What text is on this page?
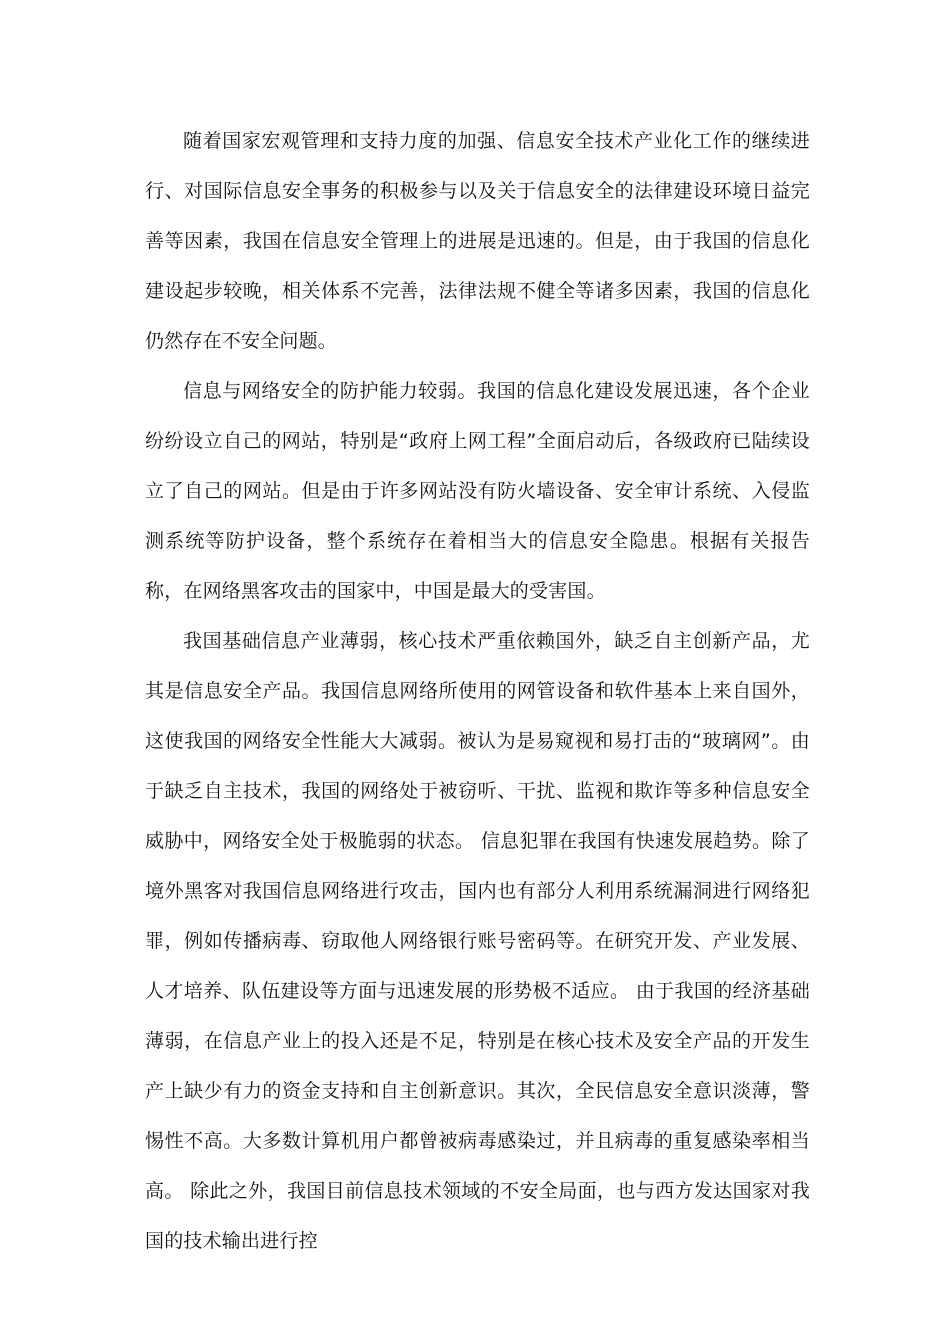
随着国家宏观管理和支持力度的加强、信息安全技术产业化工作的继续进行、对国际信息安全事务的积极参与以及关于信息安全的法律建设环境日益完善等因素，我国在信息安全管理上的进展是迅速的。但是，由于我国的信息化建设起步较晚，相关体系不完善，法律法规不健全等诸多因素，我国的信息化仍然存在不安全问题。

信息与网络安全的防护能力较弱。我国的信息化建设发展迅速，各个企业纷纷设立自己的网站，特别是“政府上网工程”全面启动后，各级政府已陆续设立了自己的网站。但是由于许多网站没有防火墙设备、安全审计系统、入侵监测系统等防护设备，整个系统存在着相当大的信息安全隐患。根据有关报告称，在网络黑客攻击的国家中，中国是最大的受害国。

我国基础信息产业薄弱，核心技术严重依赖国外，缺乏自主创新产品，尤其是信息安全产品。我国信息网络所使用的网管设备和软件基本上来自国外，这使我国的网络安全性能大大减弱。被认为是易窥视和易打击的“玻璃网”。由于缺乏自主技术，我国的网络处于被窃听、干扰、监视和欺诈等多种信息安全威胁中，网络安全处于极脆弱的状态。 信息犯罪在我国有快速发展趋势。除了境外黑客对我国信息网络进行攻击，国内也有部分人利用系统漏洞进行网络犯罪，例如传播病毒、窃取他人网络银行账号密码等。在研究开发、产业发展、人才培养、队伍建设等方面与迅速发展的形势极不适应。 由于我国的经济基础薄弱，在信息产业上的投入还是不足，特别是在核心技术及安全产品的开发生产上缺少有力的资金支持和自主创新意识。其次，全民信息安全意识淡薄，警惕性不高。大多数计算机用户都曾被病毒感染过，并且病毒的重复感染率相当高。 除此之外，我国目前信息技术领域的不安全局面，也与西方发达国家对我国的技术输出进行控
